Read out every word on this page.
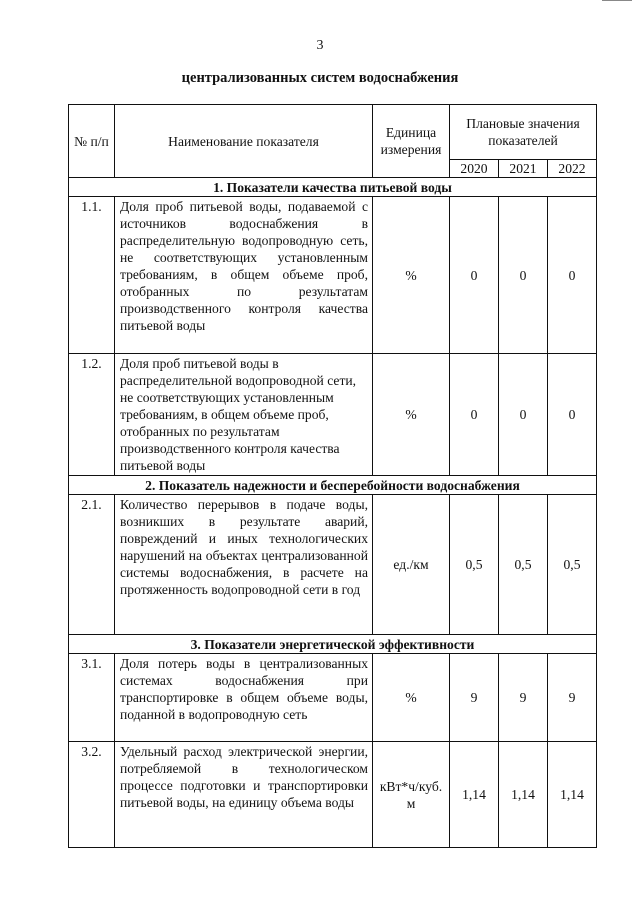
3
централизованных систем водоснабжения
№ п/п	Наименование показателя	Единица измерения	Плановые значения показателей		
			2020	2021	2022
1. Показатели качества питьевой воды					
1.1.	Доля проб питьевой воды, подаваемой с источников водоснабжения в распределительную водопроводную сеть, не соответствующих установленным требованиям, в общем объеме проб, отобранных по результатам производственного контроля качества питьевой воды	%	0	0	0
1.2.	Доля проб питьевой воды в распределительной водопроводной сети, не соответствующих установленным требованиям, в общем объеме проб, отобранных по результатам производственного контроля качества питьевой воды	%	0	0	0
2. Показатель надежности и бесперебойности водоснабжения					
2.1.	Количество перерывов в подаче воды, возникших в результате аварий, повреждений и иных технологических нарушений на объектах централизованной системы водоснабжения, в расчете на протяженность водопроводной сети в год	ед./км	0,5	0,5	0,5
3. Показатели энергетической эффективности					
3.1.	Доля потерь воды в централизованных системах водоснабжения при транспортировке в общем объеме воды, поданной в водопроводную сеть	%	9	9	9
3.2.	Удельный расход электрической энергии, потребляемой в технологическом процессе подготовки и транспортировки питьевой воды, на единицу объема воды	кВт*ч/куб. м	1,14	1,14	1,14
